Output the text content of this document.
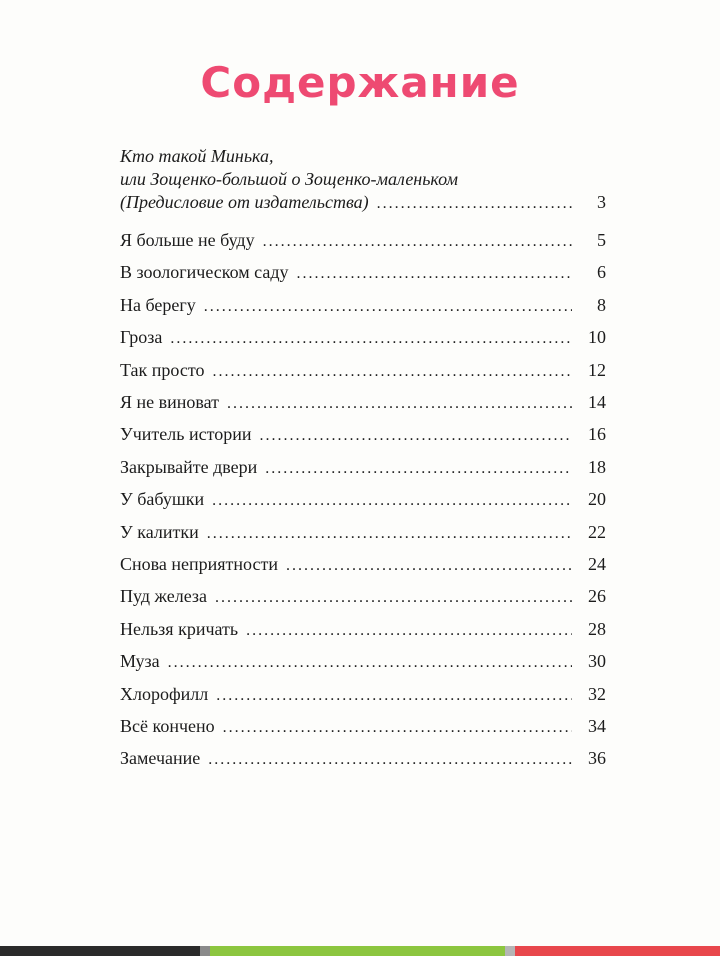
Содержание
Кто такой Минька,
или Зощенко-большой о Зощенко-маленьком
(Предисловие от издательства) .....	3
Я больше не буду .....	5
В зоологическом саду .....	6
На берегу .....	8
Гроза .....	10
Так просто .....	12
Я не виноват .....	14
Учитель истории .....	16
Закрывайте двери .....	18
У бабушки .....	20
У калитки .....	22
Снова неприятности .....	24
Пуд железа .....	26
Нельзя кричать .....	28
Муза .....	30
Хлорофилл .....	32
Всё кончено .....	34
Замечание .....	36
